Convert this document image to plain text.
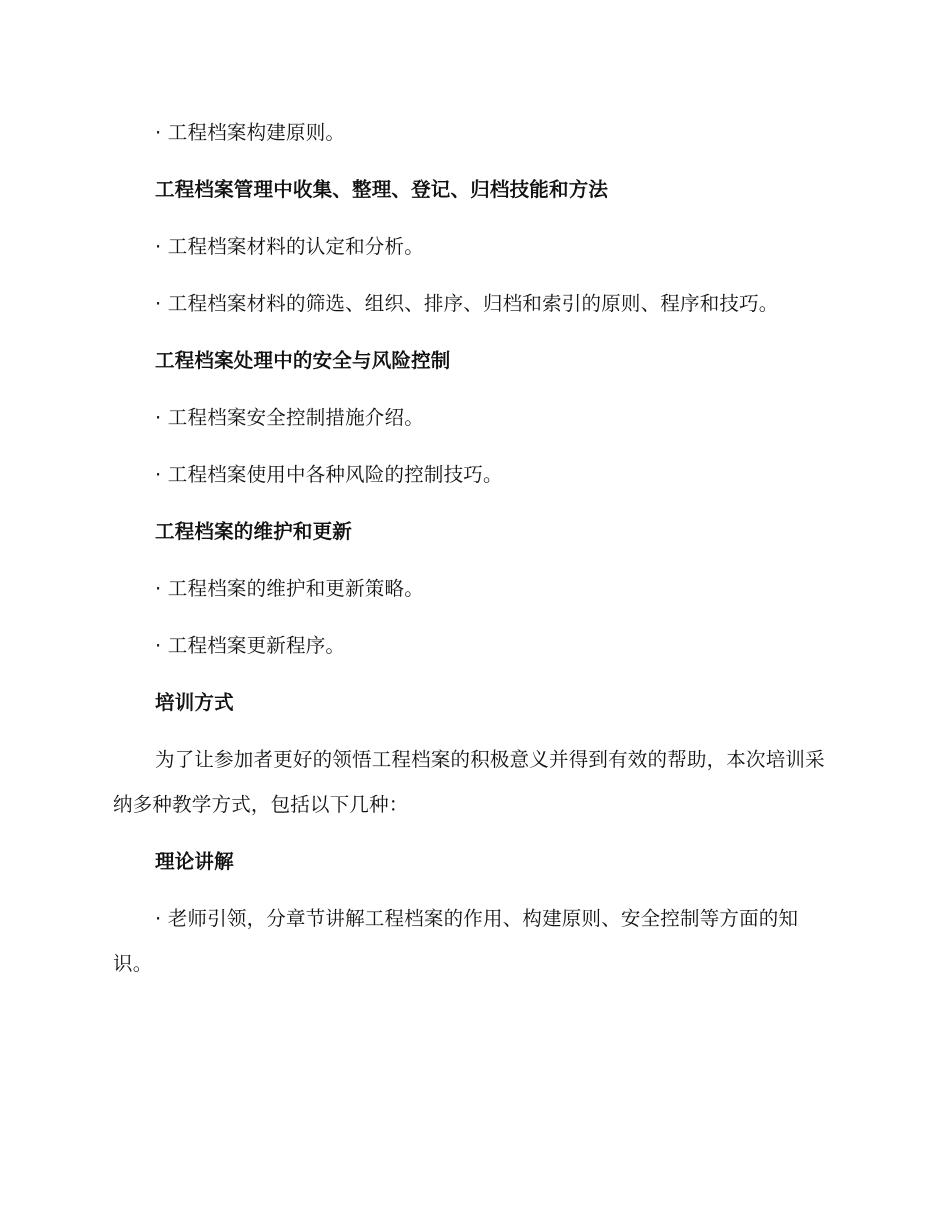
· 工程档案构建原则。

工程档案管理中收集、整理、登记、归档技能和方法

· 工程档案材料的认定和分析。

· 工程档案材料的筛选、组织、排序、归档和索引的原则、程序和技巧。

工程档案处理中的安全与风险控制

· 工程档案安全控制措施介绍。

· 工程档案使用中各种风险的控制技巧。

工程档案的维护和更新

· 工程档案的维护和更新策略。

· 工程档案更新程序。

培训方式

为了让参加者更好的领悟工程档案的积极意义并得到有效的帮助，本次培训采纳多种教学方式，包括以下几种：

理论讲解

· 老师引领，分章节讲解工程档案的作用、构建原则、安全控制等方面的知识。
